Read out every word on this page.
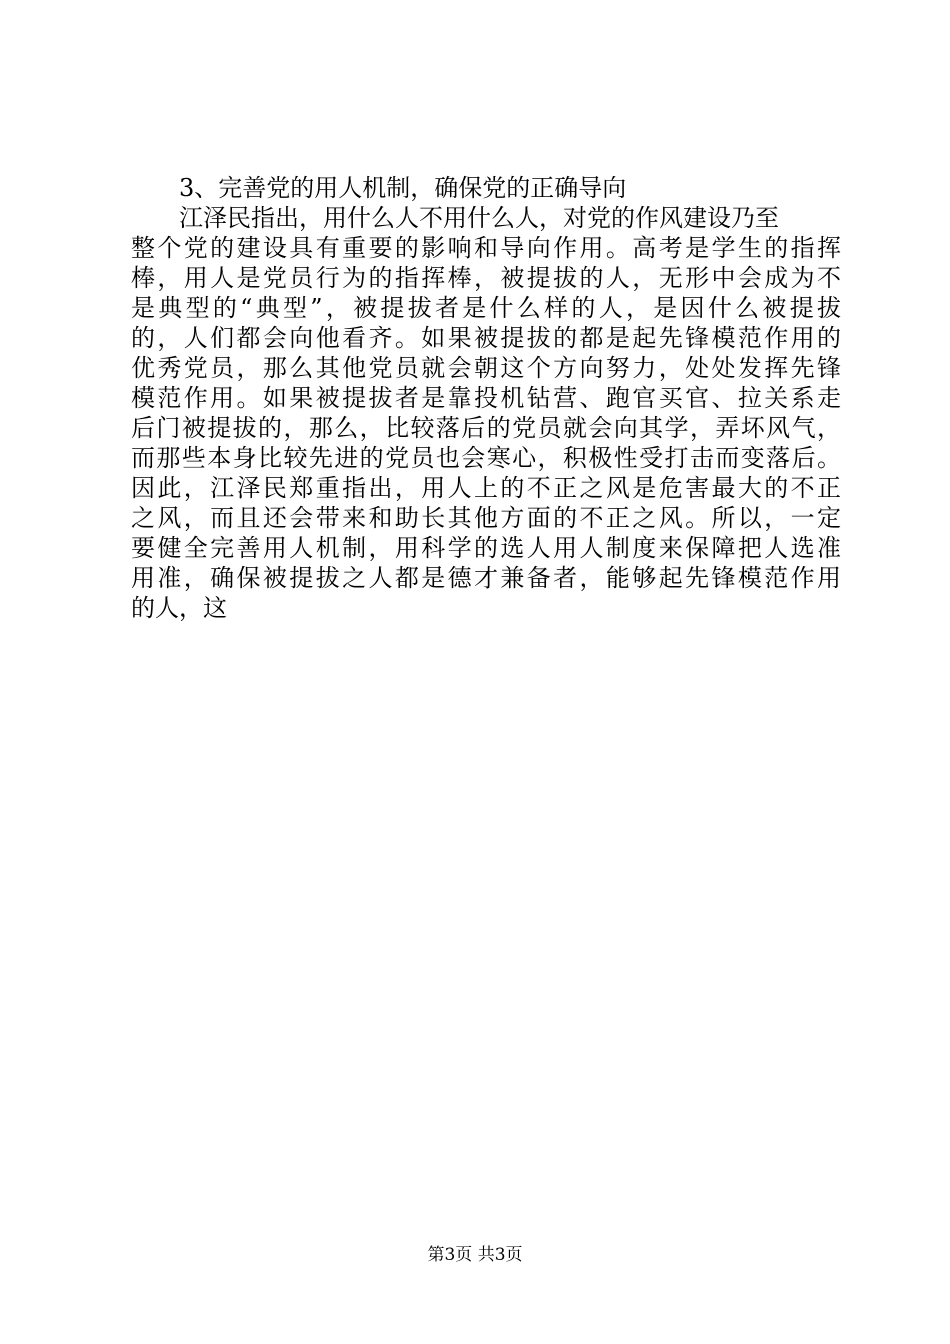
3、完善党的用人机制，确保党的正确导向
江泽民指出，用什么人不用什么人，对党的作风建设乃至
整个党的建设具有重要的影响和导向作用。高考是学生的指挥
棒，用人是党员行为的指挥棒，被提拔的人，无形中会成为不
是典型的“典型”，被提拔者是什么样的人，是因什么被提拔
的，人们都会向他看齐。如果被提拔的都是起先锋模范作用的
优秀党员，那么其他党员就会朝这个方向努力，处处发挥先锋
模范作用。如果被提拔者是靠投机钻营、跑官买官、拉关系走
后门被提拔的，那么，比较落后的党员就会向其学，弄坏风气，
而那些本身比较先进的党员也会寒心，积极性受打击而变落后。
因此，江泽民郑重指出，用人上的不正之风是危害最大的不正
之风，而且还会带来和助长其他方面的不正之风。所以，一定
要健全完善用人机制，用科学的选人用人制度来保障把人选准
用准，确保被提拔之人都是德才兼备者，能够起先锋模范作用
的人，这
第3页 共3页
